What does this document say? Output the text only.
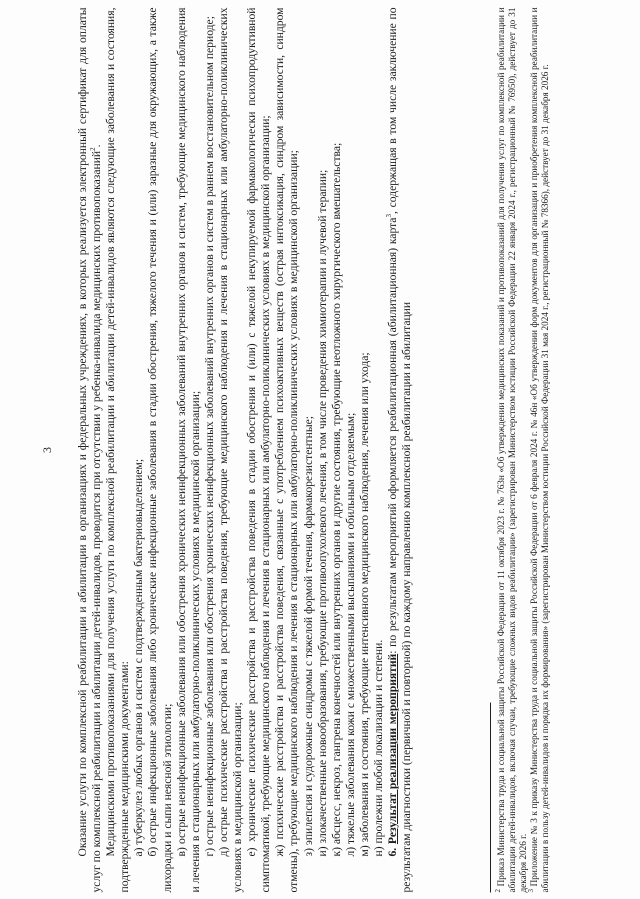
3 Оказание услуги по комплексной реабилитации и абилитации в организациях и федеральных учреждениях, в которых реализуется электронный сертификат для оплаты услуг по комплексной реабилитации и абилитации детей-инвалидов, проводится при отсутствии у ребенка-инвалида медицинских противопоказаний$^2$. Медицинскими противопоказаниями для получения услуги по комплексной реабилитации и абилитации детей-инвалидов являются следующие заболевания и состояния, подтвержденные медицинскими документами: а) туберкулез любых органов и систем с подтвержденным бактериовыделением; б) острые инфекционные заболевания либо хронические инфекционные заболевания в стадии обострения, тяжелого течения и (или) заразные для окружающих, а также лихорадки и сыпи неясной этиологии; в) острые неинфекционные заболевания или обострения хронических неинфекционных заболеваний внутренних органов и систем, требующие медицинского наблюдения и лечения в стационарных или амбулаторно-поликлинических условиях в медицинской организации; г) острые неинфекционные заболевания или обострения хронических неинфекционных заболеваний внутренних органов и систем в раннем восстановительном периоде; д) острые психические расстройства и расстройства поведения, требующие медицинского наблюдения и лечения в стационарных или амбулаторно-поликлинических условиях в медицинской организации; е) хронические психические расстройства и расстройства поведения в стадии обострения и (или) с тяжелой некупируемой фармакологически психопродуктивной симптоматикой, требующие медицинского наблюдения и лечения в стационарных или амбулаторно-поликлинических условиях в медицинской организации; ж) психические расстройства и расстройства поведения, связанные с употреблением психоактивных веществ (острая интоксикация, синдром зависимости, синдром отмены), требующие медицинского наблюдения и лечения в стационарных или амбулаторно-поликлинических условиях в медицинской организации; з) эпилепсия и судорожные синдромы с тяжелой формой течения, фармакорезистентные; и) злокачественные новообразования, требующие противоопухолевого лечения, в том числе проведения химиотерапии и лучевой терапии; к) абсцесс, некроз, гангрена конечностей или внутренних органов и другие состояния, требующие неотложного хирургического вмешательства; л) тяжелые заболевания кожи с множественными высыпаниями и обильным отделяемым; м) заболевания и состояния, требующие интенсивного медицинского наблюдения, лечения или ухода; н) пролежни любой локализации и степени. 6. Результат реализации мероприятий: по результатам мероприятий оформляется реабилитационная (абилитационная) карта$^3$, содержащая в том числе заключение по результатам диагностики (первичной и повторной) по каждому направлению комплексной реабилитации и абилитации	$^2$ Приказ Министерства труда и социальной защиты Российской Федерации от 11 октября 2023 г. № 763н «Об утверждении медицинских показаний и противопоказаний для получения услуг по комплексной реабилитации и абилитации детей-инвалидов, включая случаи, требующие сложных видов реабилитации» (зарегистрирован Министерством юстиции Российской Федерации 22 января 2024 г., регистрационный № 76950), действует до 31 декабря 2026 г.

$^3$ Приложение № 3 к приказу Министерства труда и социальной защиты Российской Федерации от 6 февраля 2024 г. № 46н «Об утверждении форм документов для организации и приобретения комплексной реабилитации и абилитации в пользу детей-инвалидов и порядка их формирования» (зарегистрирован Министерством юстиции Российской Федерации 31 мая 2024 г., регистрационный № 78366), действует до 31 декабря 2026 г.
